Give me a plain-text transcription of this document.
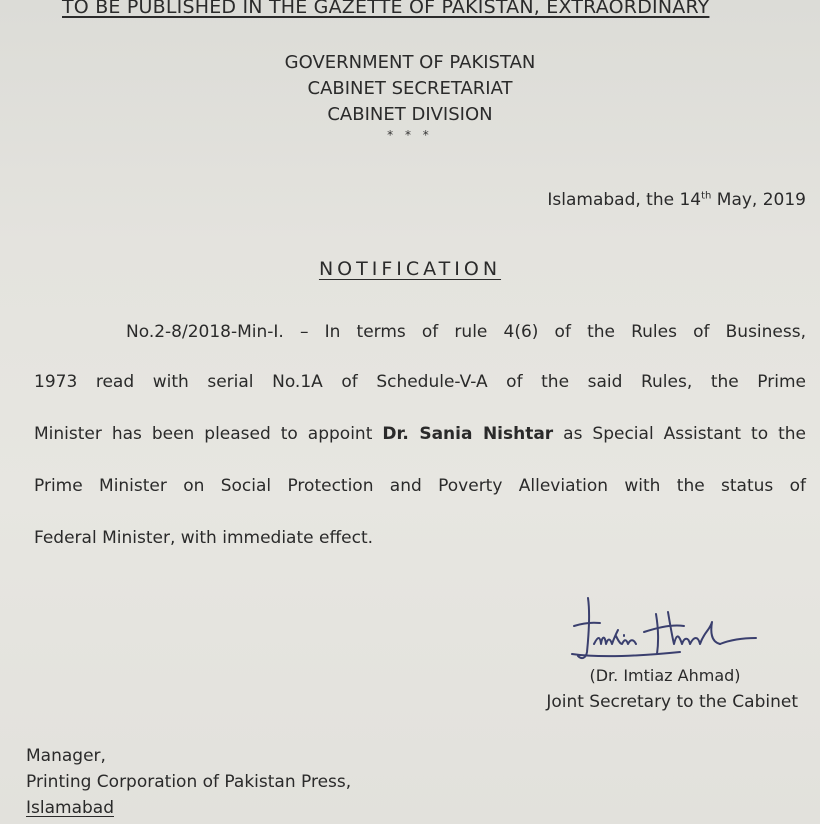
TO BE PUBLISHED IN THE GAZETTE OF PAKISTAN, EXTRAORDINARY
GOVERNMENT OF PAKISTAN
CABINET SECRETARIAT
CABINET DIVISION
* * *
Islamabad, the 14th May, 2019
NOTIFICATION
No.2-8/2018-Min-I. – In terms of rule 4(6) of the Rules of Business,
1973 read with serial No.1A of Schedule-V-A of the said Rules, the Prime
Minister has been pleased to appoint Dr. Sania Nishtar as Special Assistant to the
Prime Minister on Social Protection and Poverty Alleviation with the status of
Federal Minister, with immediate effect.
(Dr. Imtiaz Ahmad)
Joint Secretary to the Cabinet
Manager,
Printing Corporation of Pakistan Press,
Islamabad
